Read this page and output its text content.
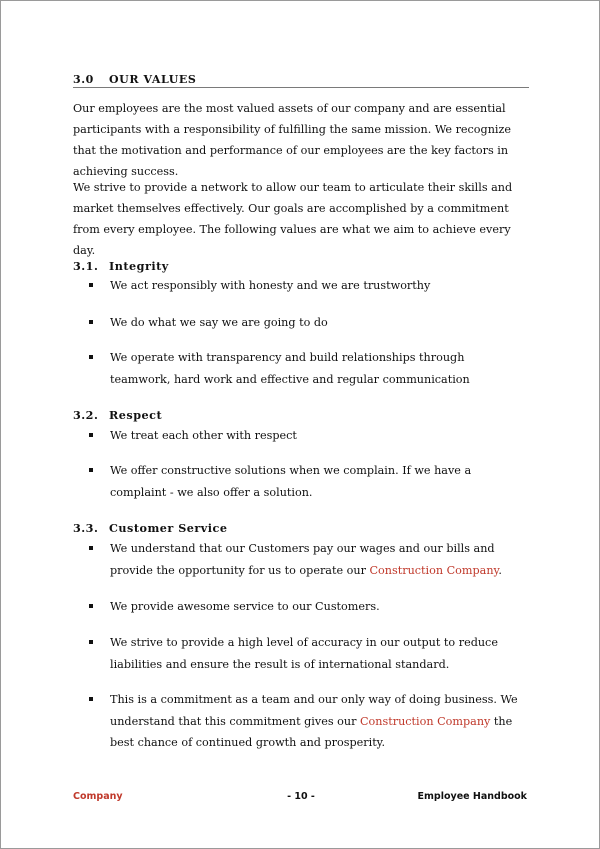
3.0 OUR VALUES

Our employees are the most valued assets of our company and are essential participants with a responsibility of fulfilling the same mission. We recognize that the motivation and performance of our employees are the key factors in achieving success.

We strive to provide a network to allow our team to articulate their skills and market themselves effectively. Our goals are accomplished by a commitment from every employee. The following values are what we aim to achieve every day.

3.1. Integrity
We act responsibly with honesty and we are trustworthy
We do what we say we are going to do
We operate with transparency and build relationships through teamwork, hard work and effective and regular communication
3.2. Respect
We treat each other with respect
We offer constructive solutions when we complain. If we have a complaint - we also offer a solution.
3.3. Customer Service
We understand that our Customers pay our wages and our bills and provide the opportunity for us to operate our Construction Company.
We provide awesome service to our Customers.
We strive to provide a high level of accuracy in our output to reduce liabilities and ensure the result is of international standard.
This is a commitment as a team and our only way of doing business. We understand that this commitment gives our Construction Company the best chance of continued growth and prosperity.
Company	- 10 -	Employee Handbook
